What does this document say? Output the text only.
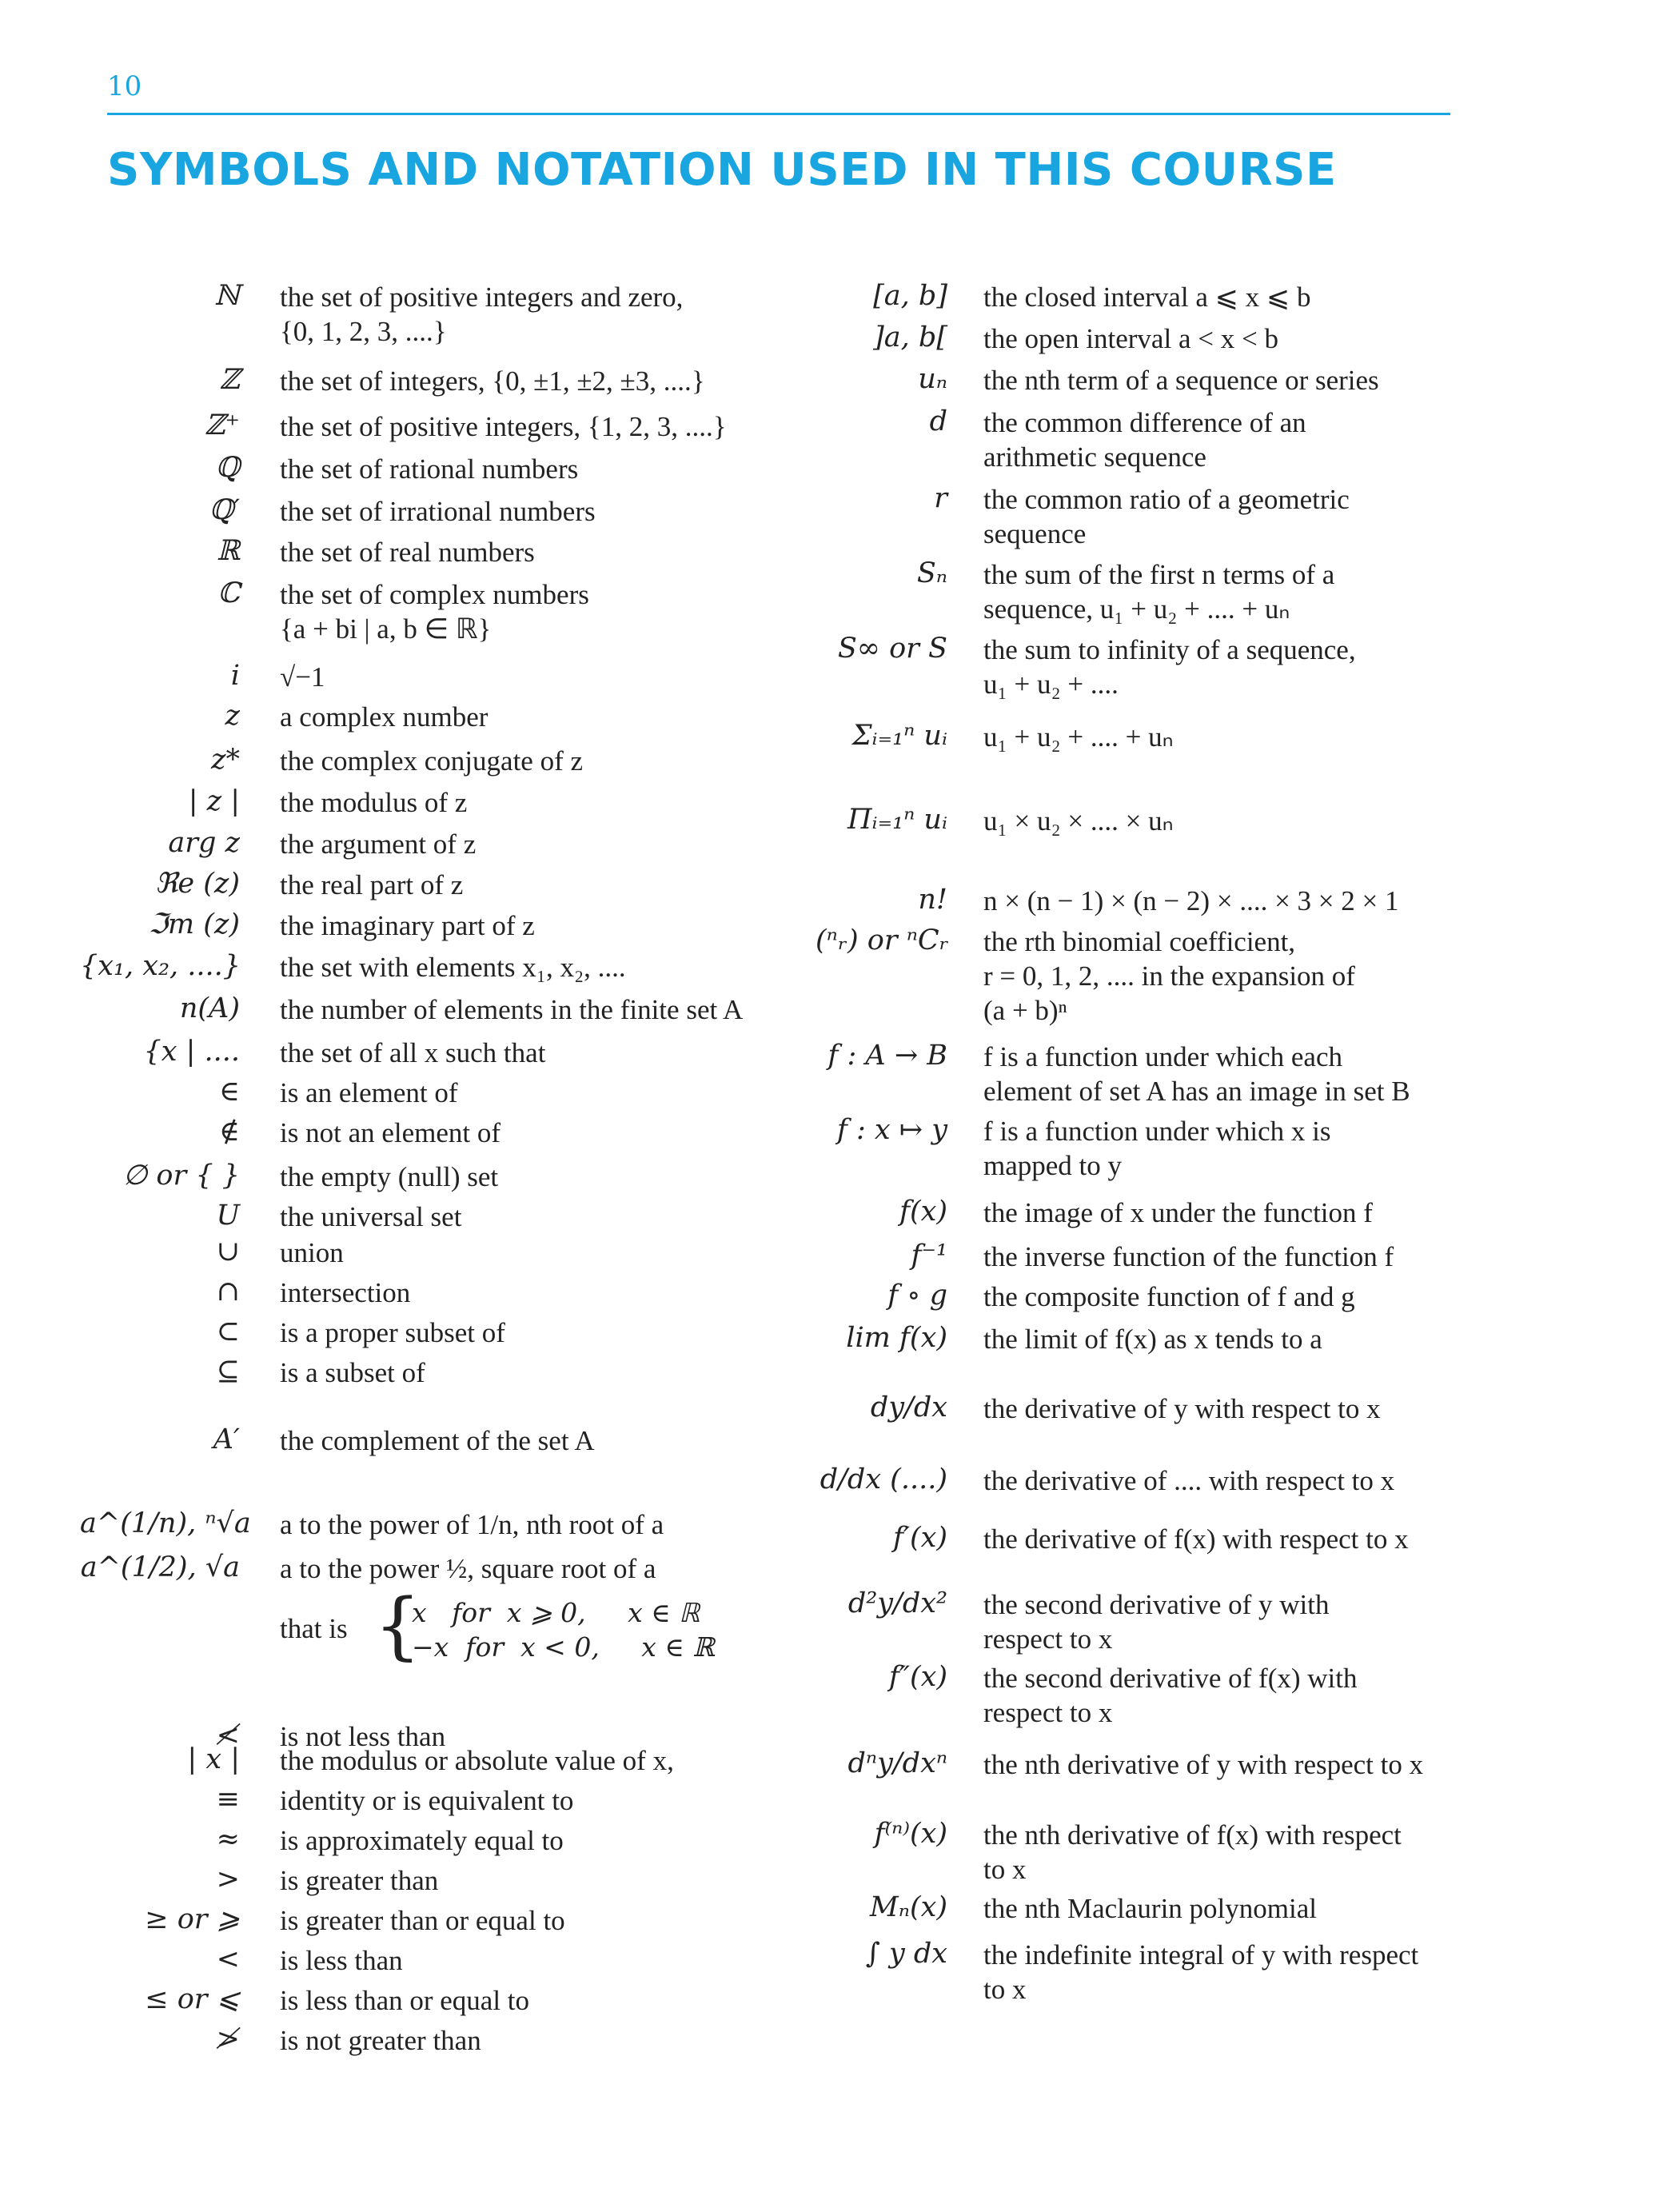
10
SYMBOLS AND NOTATION USED IN THIS COURSE
ℕ the set of positive integers and zero,
{0, 1, 2, 3, ....}
ℤ the set of integers, {0, ±1, ±2, ±3, ....}
ℤ⁺ the set of positive integers, {1, 2, 3, ....}
ℚ the set of rational numbers
ℚ′ the set of irrational numbers
ℝ the set of real numbers
ℂ the set of complex numbers
{a + bi | a, b ∈ ℝ}
i √−1
z a complex number
z* the complex conjugate of z
| z | the modulus of z
arg z the argument of z
ℜe (z) the real part of z
ℑm (z) the imaginary part of z
{x₁, x₂, ....} the set with elements x₁, x₂, ....
n(A) the number of elements in the finite set A
{x | .... the set of all x such that
∈ is an element of
∉ is not an element of
∅ or { } the empty (null) set
U the universal set
∪ union
∩ intersection
⊂ is a proper subset of
⊆ is a subset of
A′ the complement of the set A
a^(1/n), ⁿ√a a to the power of 1/n, nth root of a
a^(1/2), √a a to the power ½, square root of a
| x | the modulus or absolute value of x,
≡ identity or is equivalent to
≈ is approximately equal to
> is greater than
≥ or ⩾ is greater than or equal to
< is less than
≤ or ⩽ is less than or equal to
≯ is not greater than
≮ is not less than
that is {
x   for  x ⩾ 0,     x ∈ ℝ
−x  for  x < 0,     x ∈ ℝ
[a, b] the closed interval a ⩽ x ⩽ b
]a, b[ the open interval a < x < b
uₙ the nth term of a sequence or series
d the common difference of an
arithmetic sequence
r the common ratio of a geometric
sequence
Sₙ the sum of the first n terms of a
sequence, u₁ + u₂ + .... + uₙ
S∞ or S the sum to infinity of a sequence,
u₁ + u₂ + ....
Σᵢ₌₁ⁿ uᵢ u₁ + u₂ + .... + uₙ
Πᵢ₌₁ⁿ uᵢ u₁ × u₂ × .... × uₙ
n! n × (n − 1) × (n − 2) × .... × 3 × 2 × 1
(ⁿᵣ) or ⁿCᵣ the rth binomial coefficient,
r = 0, 1, 2, .... in the expansion of
(a + b)ⁿ
f : A → B f is a function under which each
element of set A has an image in set B
f : x ↦ y f is a function under which x is
mapped to y
f(x) the image of x under the function f
f⁻¹ the inverse function of the function f
f ∘ g the composite function of f and g
lim f(x) the limit of f(x) as x tends to a
dy/dx the derivative of y with respect to x
d/dx (....) the derivative of .... with respect to x
f′(x) the derivative of f(x) with respect to x
d²y/dx² the second derivative of y with
respect to x
f″(x) the second derivative of f(x) with
respect to x
dⁿy/dxⁿ the nth derivative of y with respect to x
f⁽ⁿ⁾(x) the nth derivative of f(x) with respect
to x
Mₙ(x) the nth Maclaurin polynomial
∫ y dx the indefinite integral of y with respect
to x
